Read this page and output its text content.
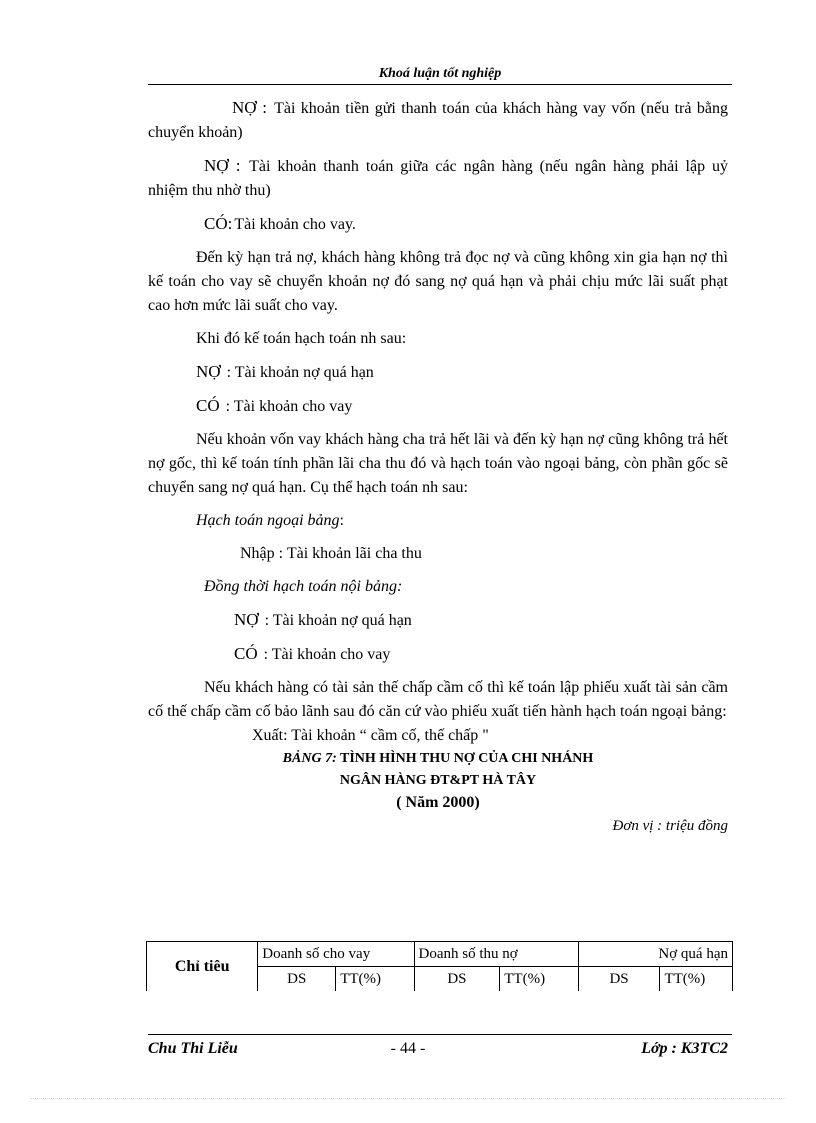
Khoá luận tốt nghiệp

NỢ : Tài khoản tiền gửi thanh toán của khách hàng vay vốn (nếu trả bằng chuyển khoản)

NỢ : Tài khoản thanh toán giữa các ngân hàng (nếu ngân hàng phải lập uỷ nhiệm thu nhờ thu)

CÓ: Tài khoản cho vay.

Đến kỳ hạn trả nợ, khách hàng không trả đọc nợ và cũng không xin gia hạn nợ thì kế toán cho vay sẽ chuyển khoản nợ đó sang nợ quá hạn và phải chịu mức lãi suất phạt cao hơn mức lãi suất cho vay.

Khi đó kế toán hạch toán nh sau:

NỢ : Tài khoản nợ quá hạn

CÓ : Tài khoản cho vay

Nếu khoản vốn vay khách hàng cha trả hết lãi và đến kỳ hạn nợ cũng không trả hết nợ gốc, thì kế toán tính phần lãi cha thu đó và hạch toán vào ngoại bảng, còn phần gốc sẽ chuyển sang nợ quá hạn. Cụ thể hạch toán nh sau:

Hạch toán ngoại bảng:

Nhập : Tài khoản lãi cha thu

Đồng thời hạch toán nội bảng:

NỢ : Tài khoản nợ quá hạn

CÓ : Tài khoản cho vay

Nếu khách hàng có tài sản thế chấp cầm cố thì kế toán lập phiếu xuất tài sản cầm cố thế chấp cầm cố bảo lãnh sau đó căn cứ vào phiếu xuất tiến hành hạch toán ngoại bảng:

Xuất: Tài khoản “ cầm cố, thế chấp "

BẢNG 7: TÌNH HÌNH THU NỢ CỦA CHI NHÁNH
NGÂN HÀNG ĐT&PT HÀ TÂY
( Năm 2000)
Đơn vị : triệu đồng
Chỉ tiêu	Doanh số cho vay		Doanh số thu nợ		Nợ quá hạn	
	DS	TT(%)	DS	TT(%)	DS	TT(%)
Chu Thi Liễu	- 44 -	Lớp : K3TC2
